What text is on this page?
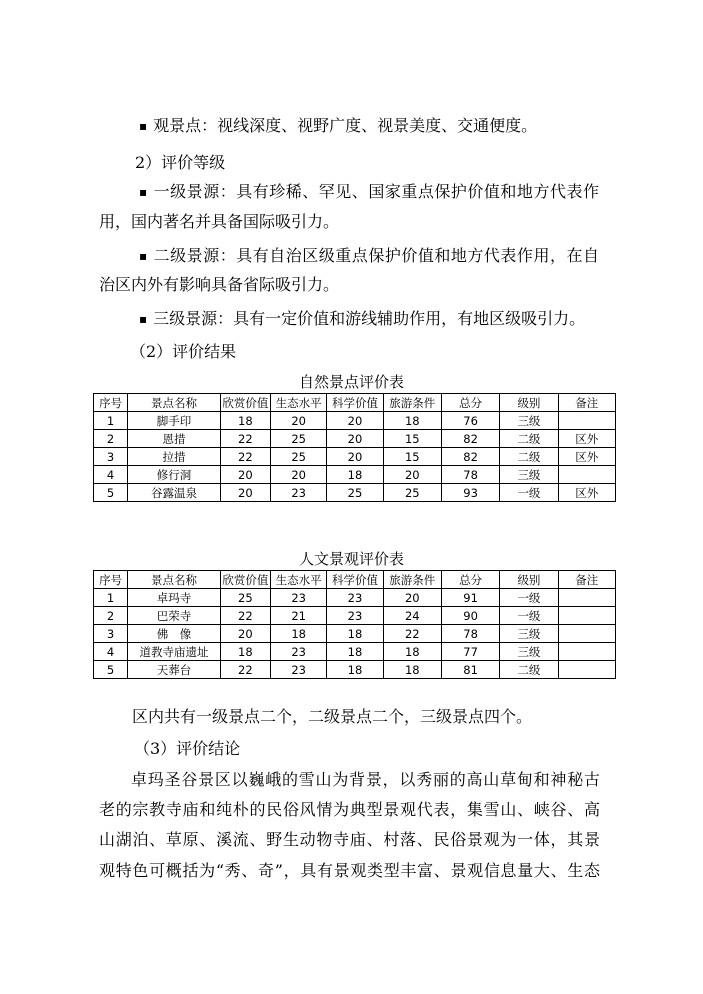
▪ 观景点：视线深度、视野广度、视景美度、交通便度。
2）评价等级
▪ 一级景源：具有珍稀、罕见、国家重点保护价值和地方代表作
用，国内著名并具备国际吸引力。
▪ 二级景源：具有自治区级重点保护价值和地方代表作用，在自
治区内外有影响具备省际吸引力。
▪ 三级景源：具有一定价值和游线辅助作用，有地区级吸引力。
（2）评价结果
自然景点评价表
序号	景点名称	欣赏价值	生态水平	科学价值	旅游条件	总分	级别	备注
1	脚手印	18	20	20	18	76	三级	
2	恩措	22	25	20	15	82	二级	区外
3	拉措	22	25	20	15	82	二级	区外
4	修行洞	20	20	18	20	78	三级	
5	谷露温泉	20	23	25	25	93	一级	区外
人文景观评价表
序号	景点名称	欣赏价值	生态水平	科学价值	旅游条件	总分	级别	备注
1	卓玛寺	25	23	23	20	91	一级	
2	巴荣寺	22	21	23	24	90	一级	
3	佛　像	20	18	18	22	78	三级	
4	道教寺庙遗址	18	23	18	18	77	三级	
5	天葬台	22	23	18	18	81	二级	
区内共有一级景点二个，二级景点二个，三级景点四个。
（3）评价结论
卓玛圣谷景区以巍峨的雪山为背景，以秀丽的高山草甸和神秘古
老的宗教寺庙和纯朴的民俗风情为典型景观代表，集雪山、峡谷、高
山湖泊、草原、溪流、野生动物寺庙、村落、民俗景观为一体，其景
观特色可概括为“秀、奇”，具有景观类型丰富、景观信息量大、生态
